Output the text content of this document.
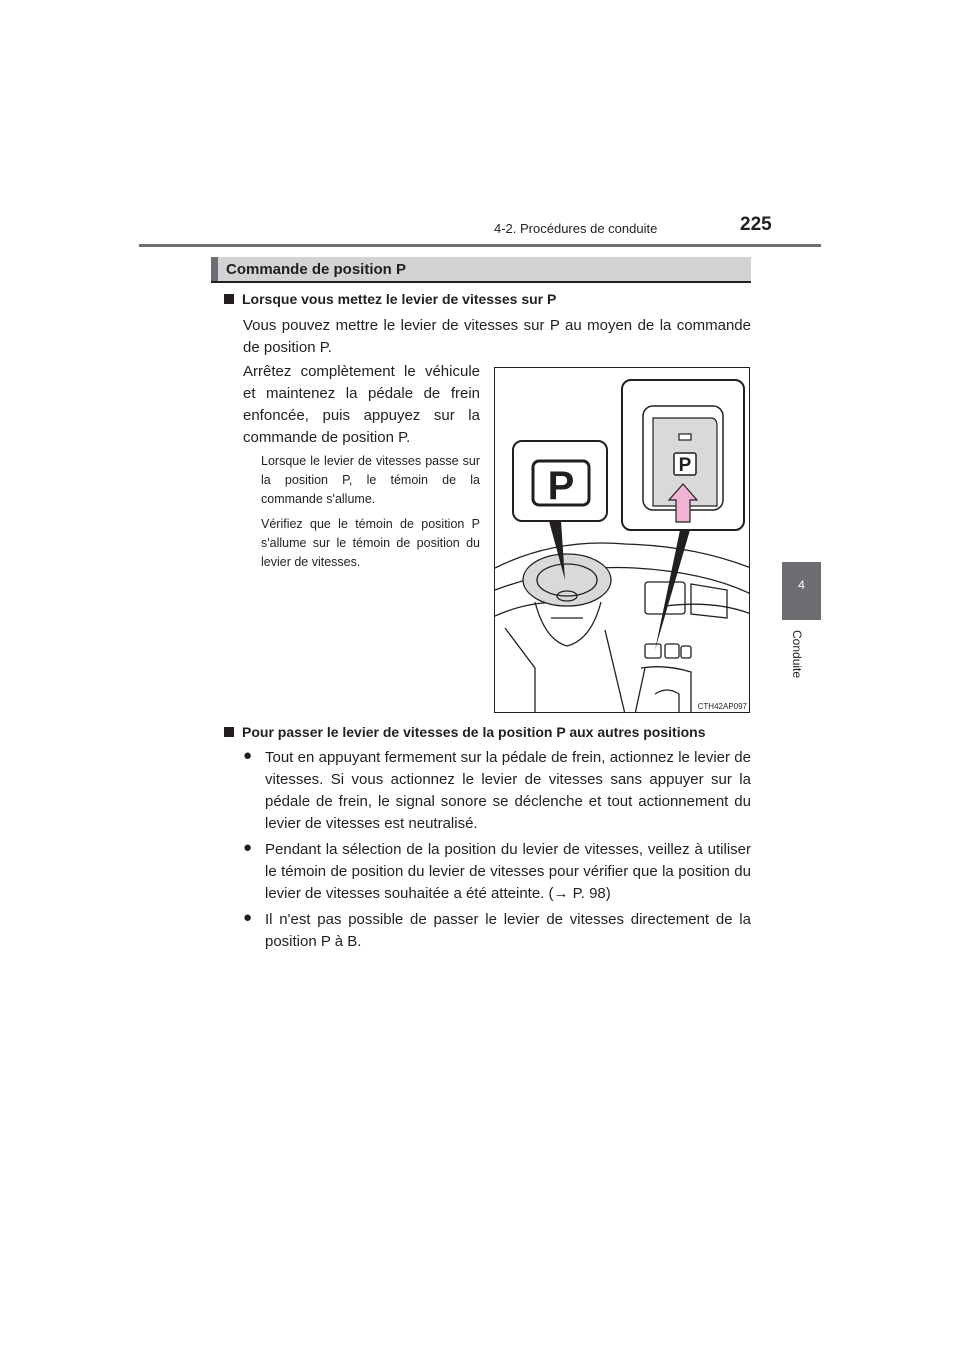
4-2. Procédures de conduite	225
4
Conduite
Commande de position P
Lorsque vous mettez le levier de vitesses sur P
Vous pouvez mettre le levier de vitesses sur P au moyen de la commande de position P.
Arrêtez complètement le véhicule et maintenez la pédale de frein enfoncée, puis appuyez sur la commande de position P.
Lorsque le levier de vitesses passe sur la position P, le témoin de la commande s'allume.
Vérifiez que le témoin de position P s'allume sur le témoin de position du levier de vitesses.
P	P
CTH42AP097
Pour passer le levier de vitesses de la position P aux autres positions
● Tout en appuyant fermement sur la pédale de frein, actionnez le levier de vitesses. Si vous actionnez le levier de vitesses sans appuyer sur la pédale de frein, le signal sonore se déclenche et tout actionnement du levier de vitesses est neutralisé.
● Pendant la sélection de la position du levier de vitesses, veillez à utiliser le témoin de position du levier de vitesses pour vérifier que la position du levier de vitesses souhaitée a été atteinte. (→ P. 98)
● Il n'est pas possible de passer le levier de vitesses directement de la position P à B.
